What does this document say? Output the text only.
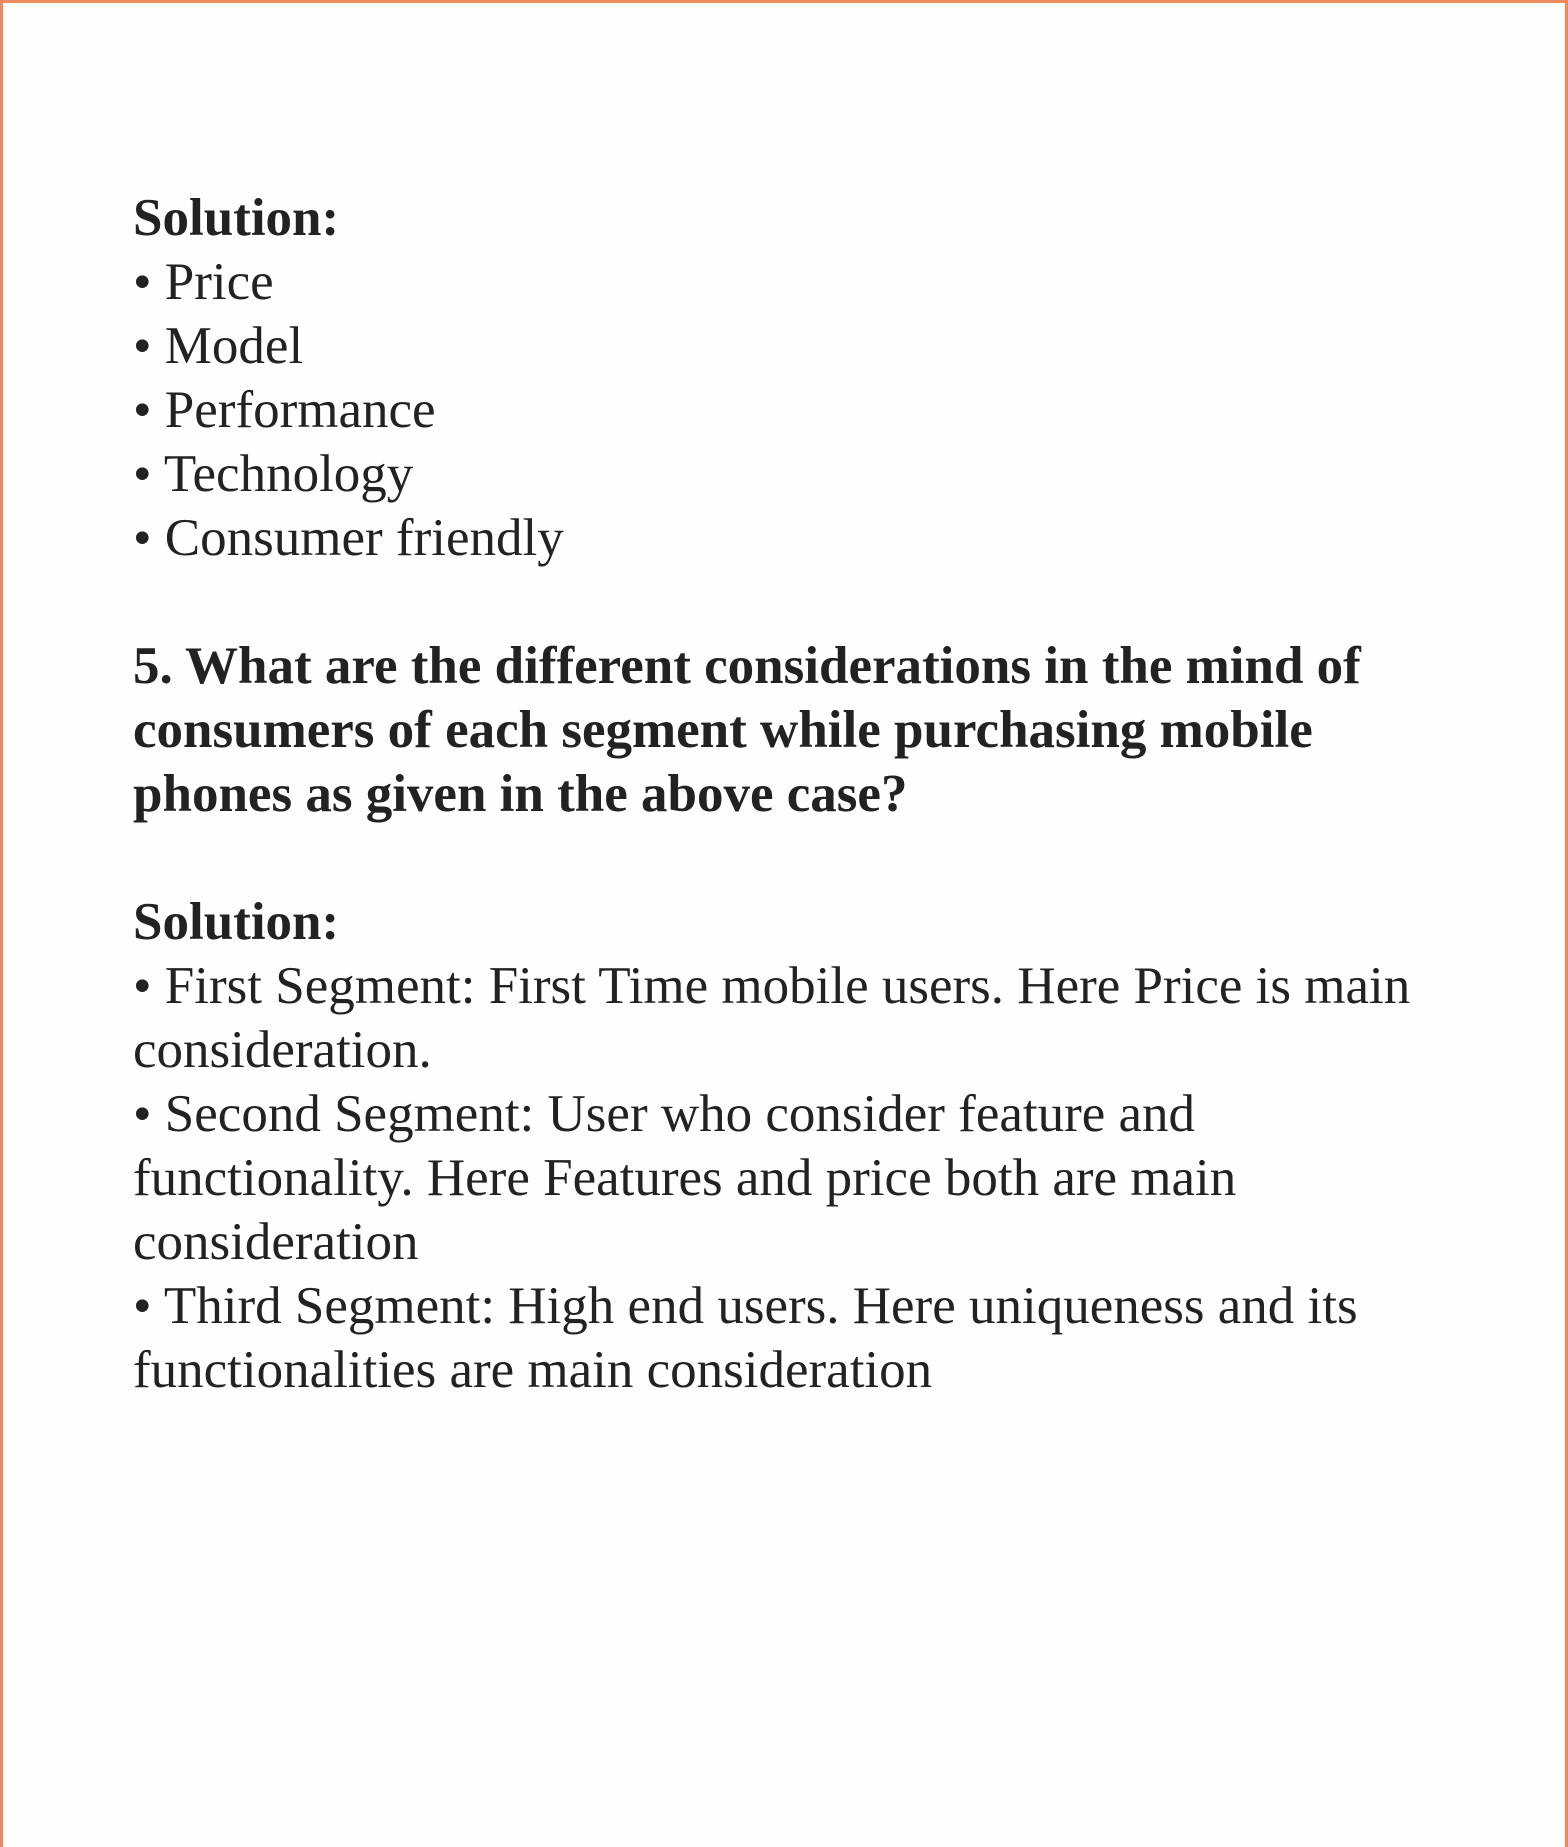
Solution:
• Price
• Model
• Performance
• Technology
• Consumer friendly
5. What are the different considerations in the mind of consumers of each segment while purchasing mobile phones as given in the above case?
Solution:
• First Segment: First Time mobile users. Here Price is main consideration.
• Second Segment: User who consider feature and functionality. Here Features and price both are main consideration
• Third Segment: High end users. Here uniqueness and its functionalities are main consideration
